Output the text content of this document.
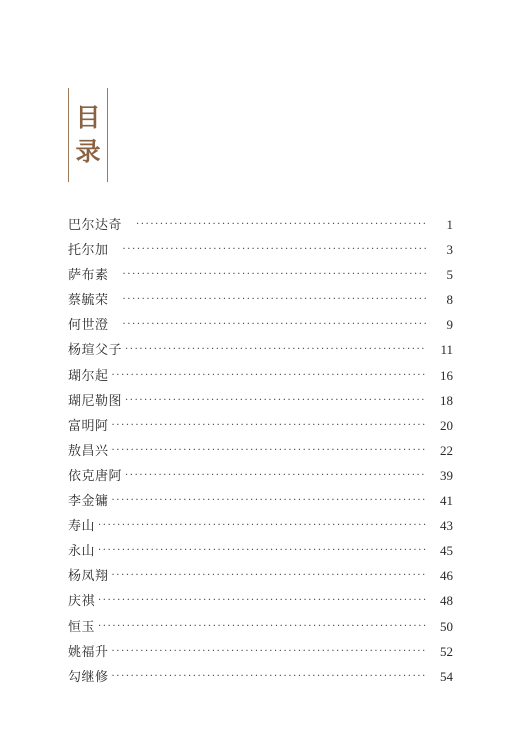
目
录
巴尔达奇 ·····	1
托尔加 ·····	3
萨布素 ·····	5
蔡毓荣 ·····	8
何世澄 ·····	9
杨瑄父子 ·····	11
瑚尔起 ·····	16
瑚尼勒图 ·····	18
富明阿 ·····	20
敖昌兴 ·····	22
依克唐阿 ·····	39
李金镛 ·····	41
寿山 ·····	43
永山 ·····	45
杨凤翔 ·····	46
庆祺 ·····	48
恒玉 ·····	50
姚福升 ·····	52
勾继修 ·····	54
